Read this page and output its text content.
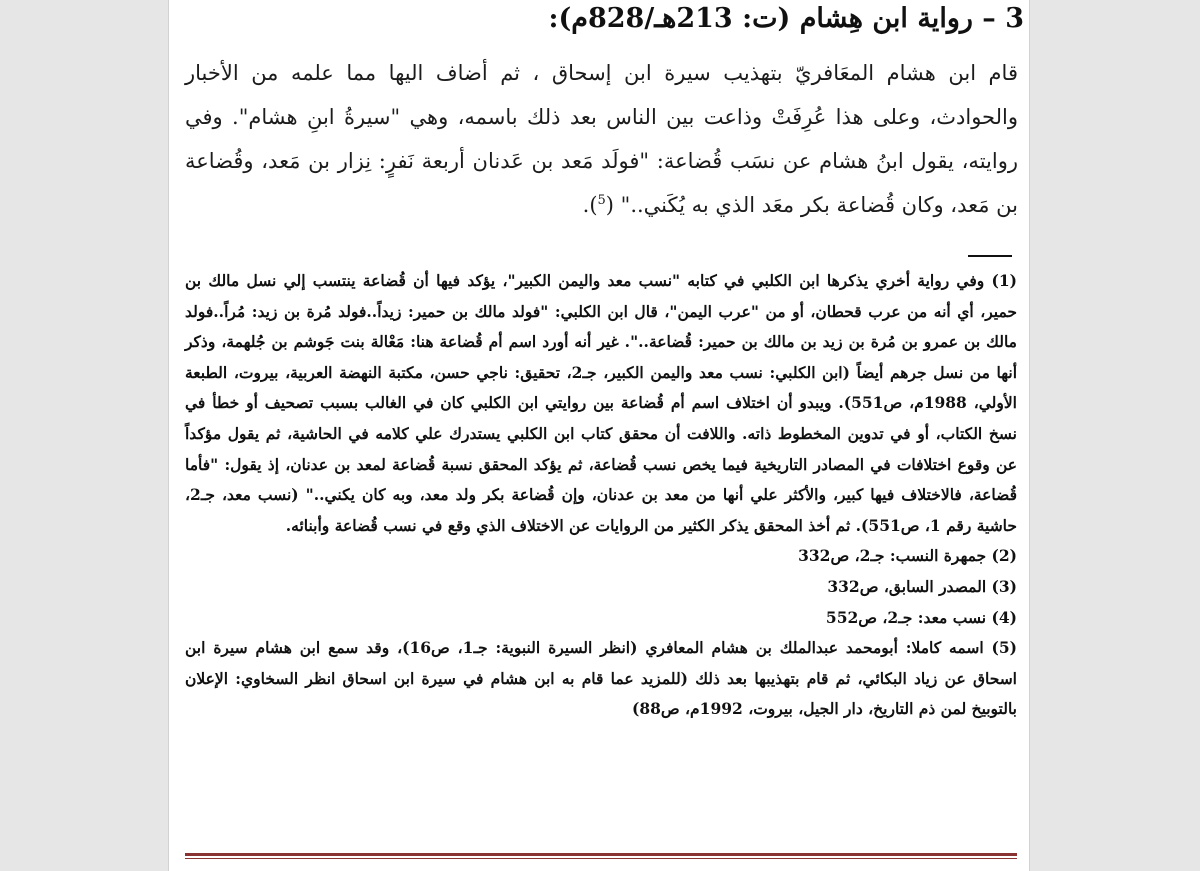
3 – رواية ابن هِشام (ت: 213هـ/828م):

قام ابن هشام المعَافريّ بتهذيب سيرة ابن إسحاق ، ثم أضاف اليها مما علمه من الأخبار والحوادث، وعلى هذا عُرِفَتْ وذاعت بين الناس بعد ذلك باسمه، وهي "سيرةُ ابنِ هشام". وفي روايته، يقول ابنُ هشام عن نسَب قُضاعة: "فولَد مَعد بن عَدنان أربعة نَفرٍ: نِزار بن مَعد، وقُضاعة بن مَعد، وكان قُضاعة بكر معَد الذي به يُكَني.." ($^5$).

(1) وفي رواية أخري يذكرها ابن الكلبي في كتابه "نسب معد واليمن الكبير"، يؤكد فيها أن قُضاعة ينتسب إلي نسل مالك بن حمير، أي أنه من عرب قحطان، أو من "عرب اليمن"، قال ابن الكلبي: "فولد مالك بن حمير: زيداً..فولد مُرة بن زيد: مُراً..فولد مالك بن عمرو بن مُرة بن زيد بن مالك بن حمير: قُضاعة..". غير أنه أورد اسم أم قُضاعة هنا: مَعْالة بنت جَوشم بن جُلهمة، وذكر أنها من نسل جرهم أيضاً (ابن الكلبي: نسب معد واليمن الكبير، جـ2، تحقيق: ناجي حسن، مكتبة النهضة العربية، بيروت، الطبعة الأولي، 1988م، ص551). ويبدو أن اختلاف اسم أم قُضاعة بين روايتي ابن الكلبي كان في الغالب بسبب تصحيف أو خطأ في نسخ الكتاب، أو في تدوين المخطوط ذاته. واللافت أن محقق كتاب ابن الكلبي يستدرك علي كلامه في الحاشية، ثم يقول مؤكداً عن وقوع اختلافات في المصادر التاريخية فيما يخص نسب قُضاعة، ثم يؤكد المحقق نسبة قُضاعة لمعد بن عدنان، إذ يقول: "فأما قُضاعة، فالاختلاف فيها كبير، والأكثر علي أنها من معد بن عدنان، وإن قُضاعة بكر ولد معد، وبه كان يكني.." (نسب معد، جـ2، حاشية رقم 1، ص551). ثم أخذ المحقق يذكر الكثير من الروايات عن الاختلاف الذي وقع في نسب قُضاعة وأبنائه.

(2) جمهرة النسب: جـ2، ص332

(3) المصدر السابق، ص332

(4) نسب معد: جـ2، ص552

(5) اسمه كاملا: أبومحمد عبدالملك بن هشام المعافري (انظر السيرة النبوية: جـ1، ص16)، وقد سمع ابن هشام سيرة ابن اسحاق عن زياد البكائي، ثم قام بتهذيبها بعد ذلك (للمزيد عما قام به ابن هشام في سيرة ابن اسحاق انظر السخاوي: الإعلان بالتوبيخ لمن ذم التاريخ، دار الجيل، بيروت، 1992م، ص88)
